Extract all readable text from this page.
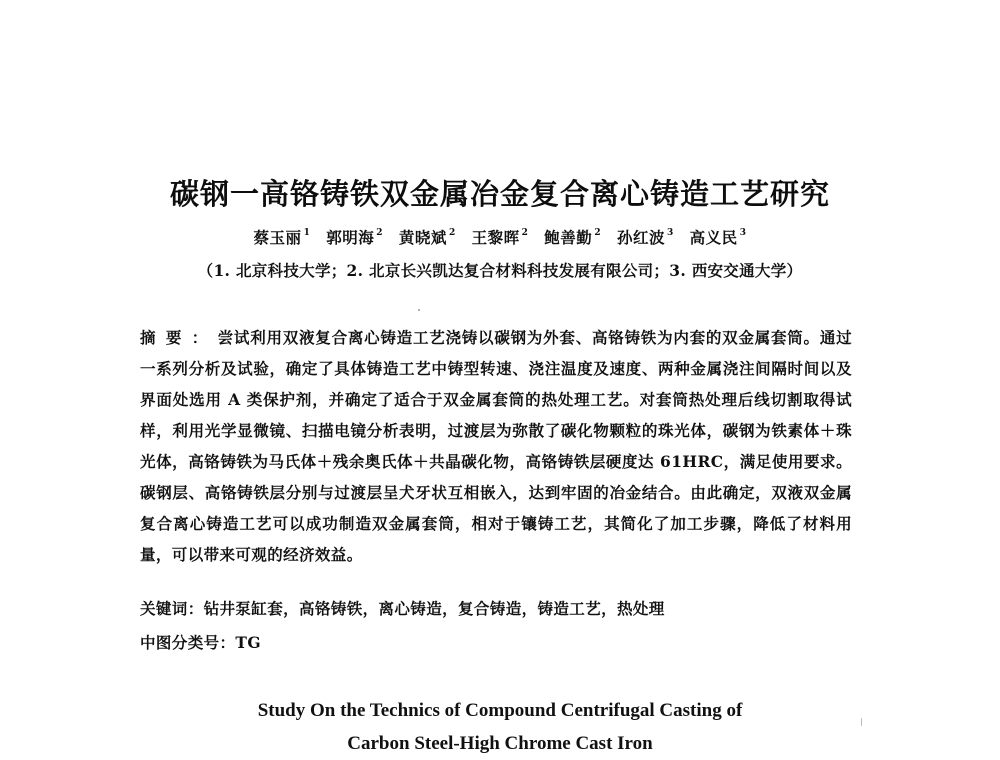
碳钢一高铬铸铁双金属冶金复合离心铸造工艺研究
蔡玉丽 $^1$ 郭明海 $^2$ 黄晓斌 $^2$ 王黎晖 $^2$ 鲍善勤 $^2$ 孙红波 $^3$ 高义民 $^3$
（1. 北京科技大学；2. 北京长兴凯达复合材料科技发展有限公司；3. 西安交通大学）
摘要：尝试利用双液复合离心铸造工艺浇铸以碳钢为外套、高铬铸铁为内套的双金属套筒。通过一系列分析及试验，确定了具体铸造工艺中铸型转速、浇注温度及速度、两种金属浇注间隔时间以及界面处选用 A 类保护剂，并确定了适合于双金属套筒的热处理工艺。对套筒热处理后线切割取得试样，利用光学显微镜、扫描电镜分析表明，过渡层为弥散了碳化物颗粒的珠光体，碳钢为铁素体＋珠光体，高铬铸铁为马氏体＋残余奥氏体＋共晶碳化物，高铬铸铁层硬度达 61HRC，满足使用要求。碳钢层、高铬铸铁层分别与过渡层呈犬牙状互相嵌入，达到牢固的冶金结合。由此确定，双液双金属复合离心铸造工艺可以成功制造双金属套筒，相对于镶铸工艺，其简化了加工步骤，降低了材料用量，可以带来可观的经济效益。
关键词：钻井泵缸套，高铬铸铁，离心铸造，复合铸造，铸造工艺，热处理
中图分类号：TG
Study On the Technics of Compound Centrifugal Casting of
Carbon Steel-High Chrome Cast Iron
